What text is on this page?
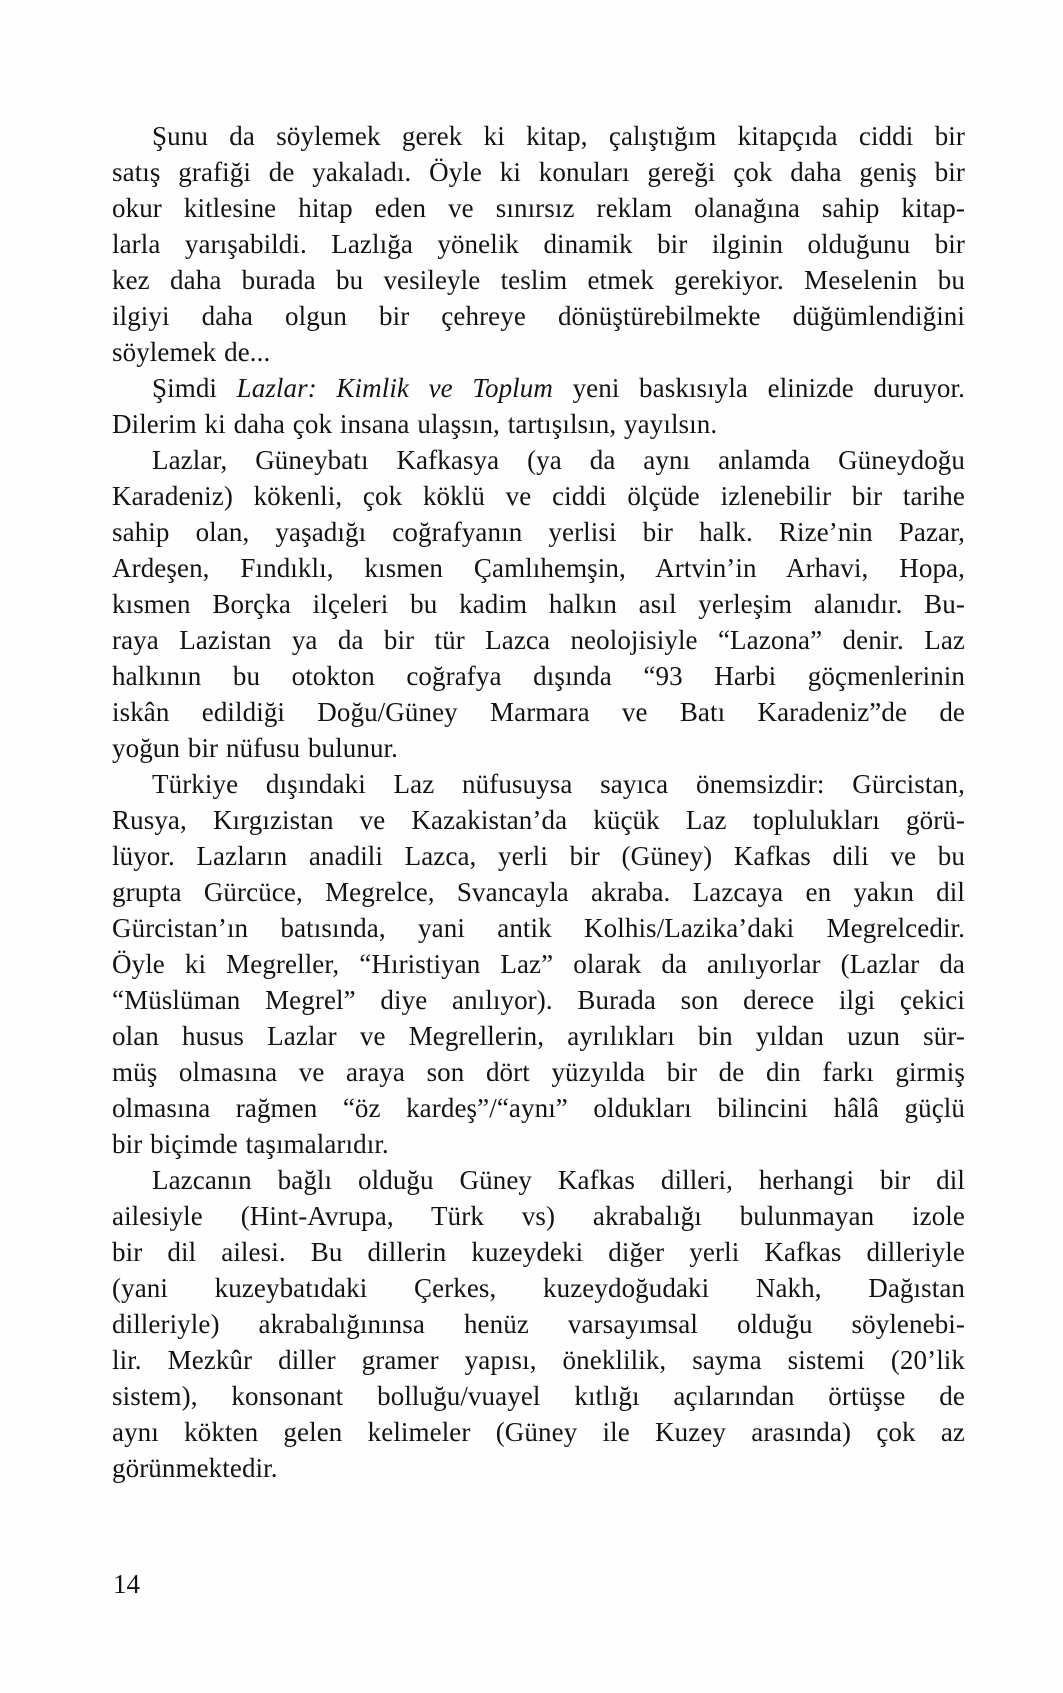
Şunu da söylemek gerek ki kitap, çalıştığım kitapçıda ciddi bir
satış grafiği de yakaladı. Öyle ki konuları gereği çok daha geniş bir
okur kitlesine hitap eden ve sınırsız reklam olanağına sahip kitap-
larla yarışabildi. Lazlığa yönelik dinamik bir ilginin olduğunu bir
kez daha burada bu vesileyle teslim etmek gerekiyor. Meselenin bu
ilgiyi daha olgun bir çehreye dönüştürebilmekte düğümlendiğini
söylemek de...
Şimdi Lazlar: Kimlik ve Toplum yeni baskısıyla elinizde duruyor.
Dilerim ki daha çok insana ulaşsın, tartışılsın, yayılsın.
Lazlar, Güneybatı Kafkasya (ya da aynı anlamda Güneydoğu
Karadeniz) kökenli, çok köklü ve ciddi ölçüde izlenebilir bir tarihe
sahip olan, yaşadığı coğrafyanın yerlisi bir halk. Rize’nin Pazar,
Ardeşen, Fındıklı, kısmen Çamlıhemşin, Artvin’in Arhavi, Hopa,
kısmen Borçka ilçeleri bu kadim halkın asıl yerleşim alanıdır. Bu-
raya Lazistan ya da bir tür Lazca neolojisiyle “Lazona” denir. Laz
halkının bu otokton coğrafya dışında “93 Harbi göçmenlerinin
iskân edildiği Doğu/Güney Marmara ve Batı Karadeniz”de de
yoğun bir nüfusu bulunur.
Türkiye dışındaki Laz nüfusuysa sayıca önemsizdir: Gürcistan,
Rusya, Kırgızistan ve Kazakistan’da küçük Laz toplulukları görü-
lüyor. Lazların anadili Lazca, yerli bir (Güney) Kafkas dili ve bu
grupta Gürcüce, Megrelce, Svancayla akraba. Lazcaya en yakın dil
Gürcistan’ın batısında, yani antik Kolhis/Lazika’daki Megrelcedir.
Öyle ki Megreller, “Hıristiyan Laz” olarak da anılıyorlar (Lazlar da
“Müslüman Megrel” diye anılıyor). Burada son derece ilgi çekici
olan husus Lazlar ve Megrellerin, ayrılıkları bin yıldan uzun sür-
müş olmasına ve araya son dört yüzyılda bir de din farkı girmiş
olmasına rağmen “öz kardeş”/“aynı” oldukları bilincini hâlâ güçlü
bir biçimde taşımalarıdır.
Lazcanın bağlı olduğu Güney Kafkas dilleri, herhangi bir dil
ailesiyle (Hint-Avrupa, Türk vs) akrabalığı bulunmayan izole
bir dil ailesi. Bu dillerin kuzeydeki diğer yerli Kafkas dilleriyle
(yani kuzeybatıdaki Çerkes, kuzeydoğudaki Nakh, Dağıstan
dilleriyle) akrabalığınınsa henüz varsayımsal olduğu söylenebi-
lir. Mezkûr diller gramer yapısı, öneklilik, sayma sistemi (20’lik
sistem), konsonant bolluğu/vuayel kıtlığı açılarından örtüşse de
aynı kökten gelen kelimeler (Güney ile Kuzey arasında) çok az
görünmektedir.
14
